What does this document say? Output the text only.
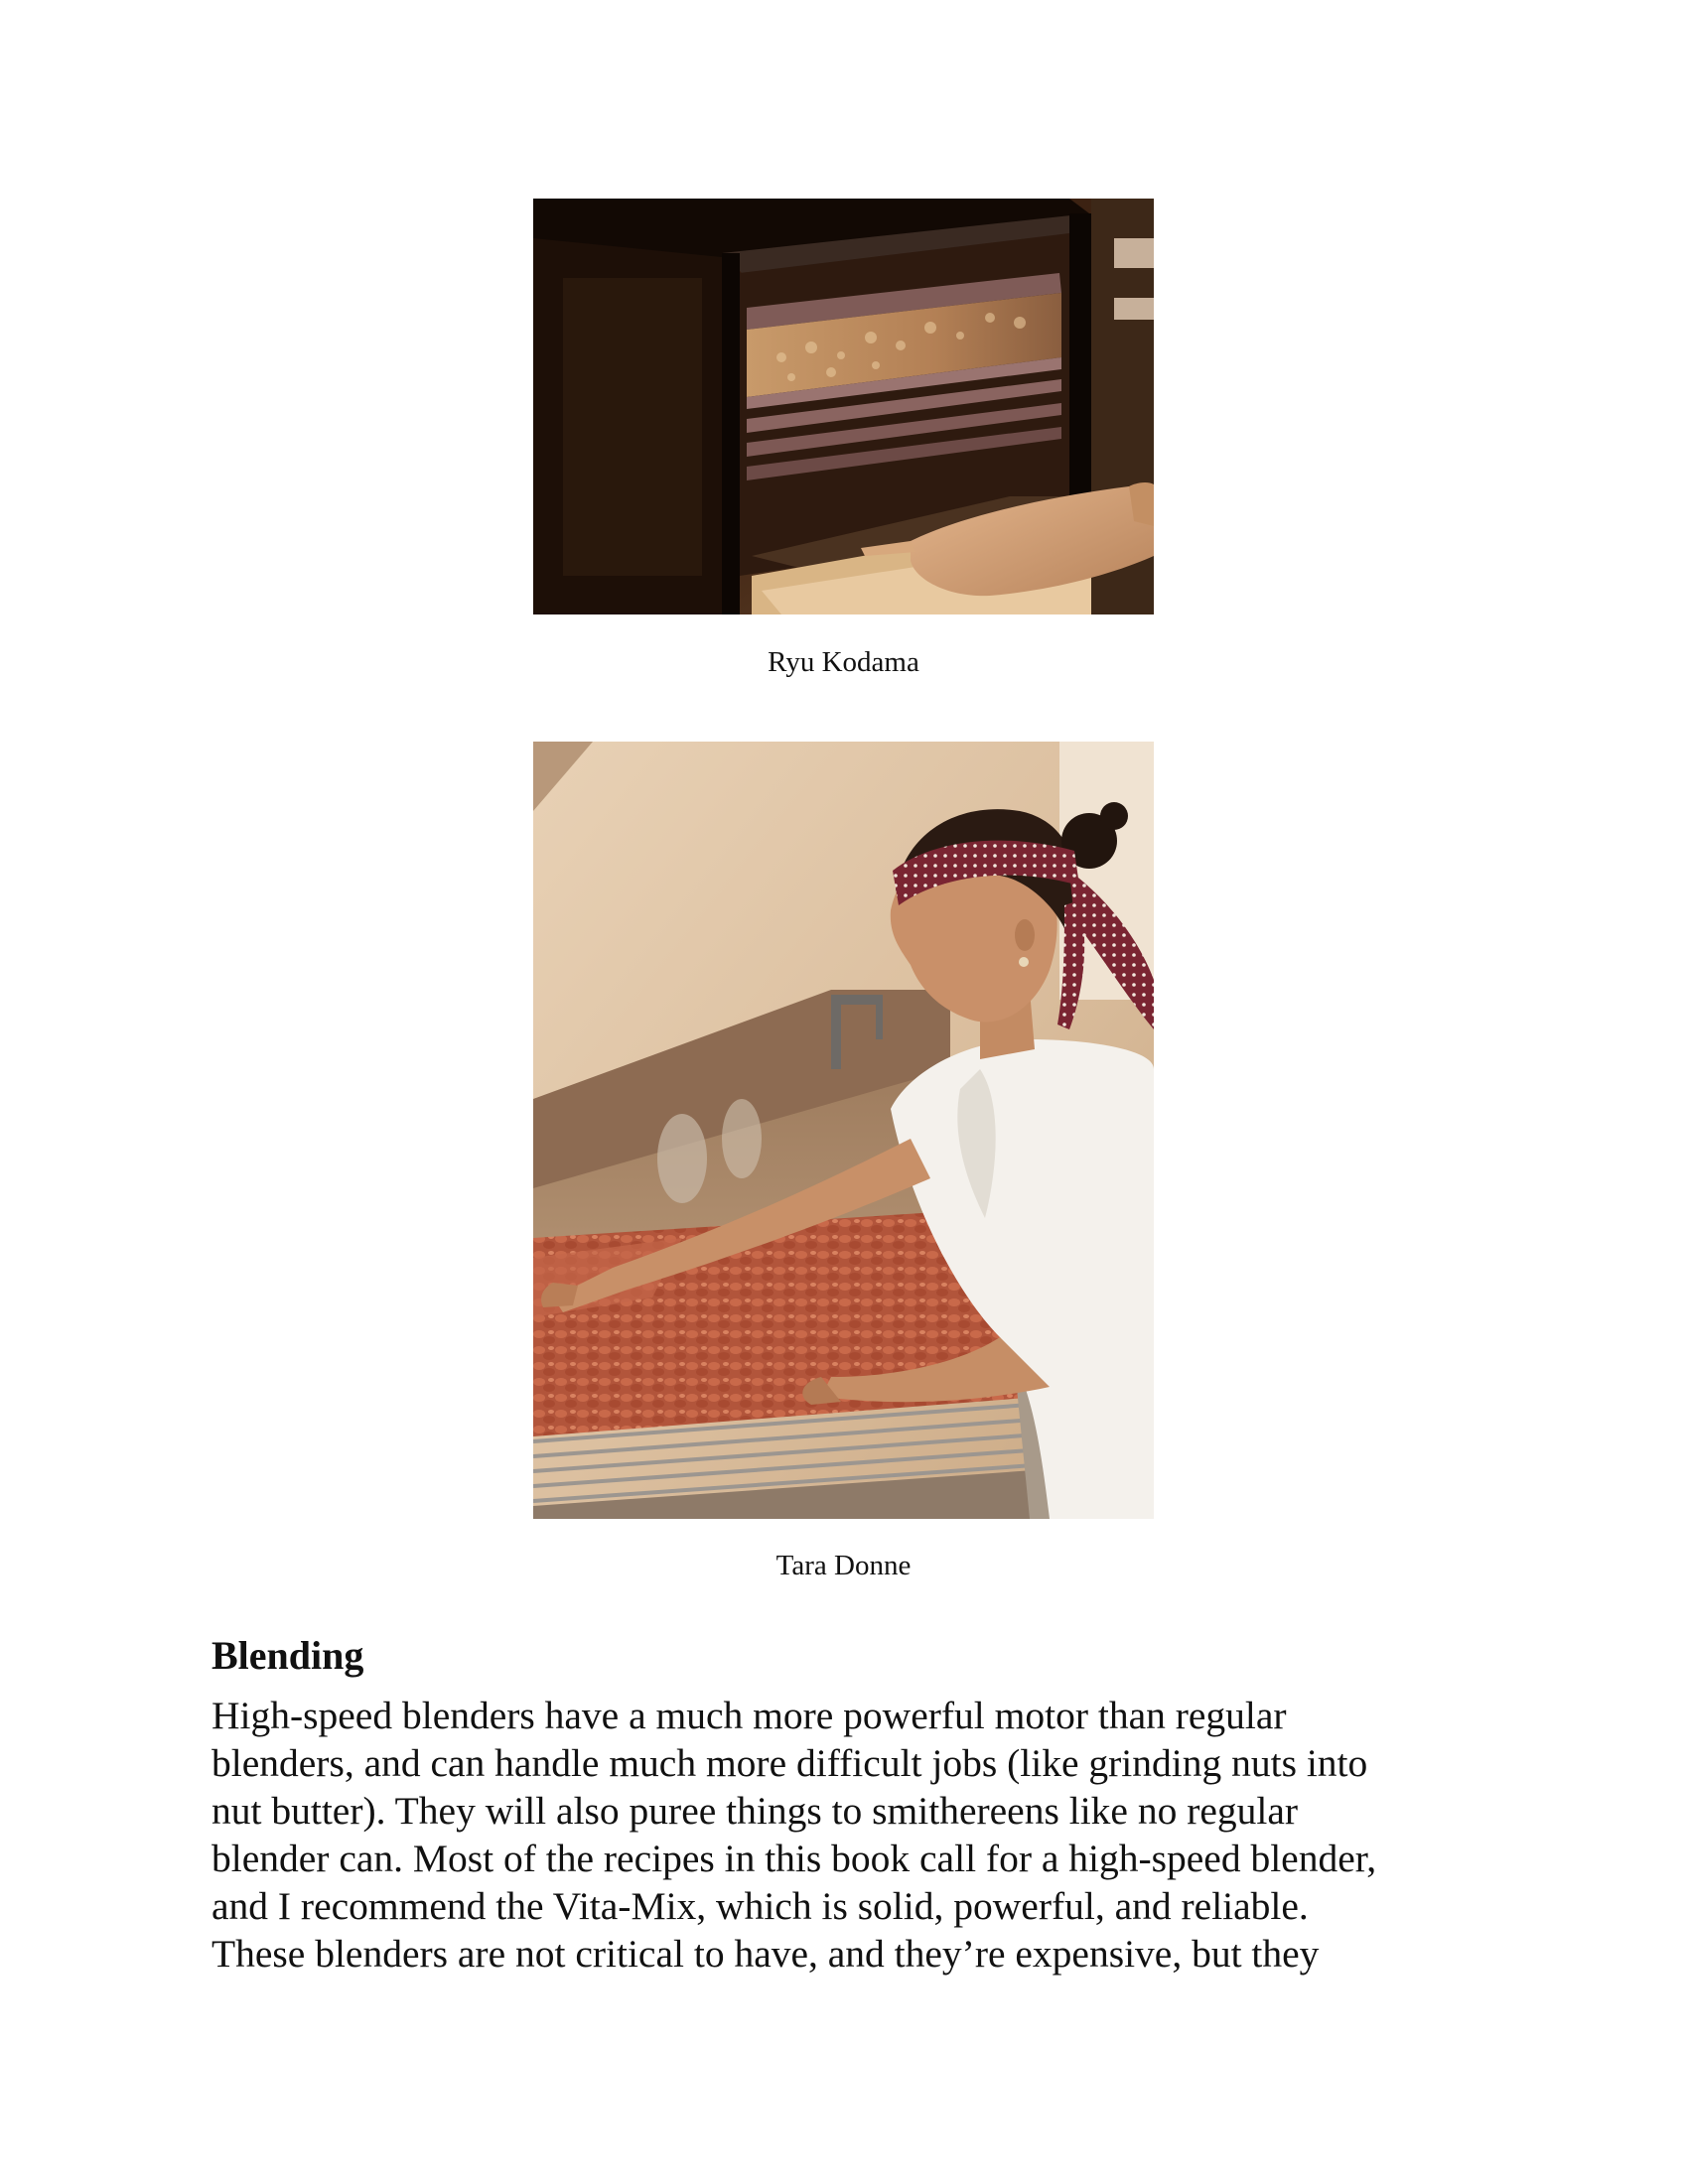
Ryu Kodama
Tara Donne
Blending

High-speed blenders have a much more powerful motor than regular
blenders, and can handle much more difficult jobs (like grinding nuts into
nut butter). They will also puree things to smithereens like no regular
blender can. Most of the recipes in this book call for a high-speed blender,
and I recommend the Vita-Mix, which is solid, powerful, and reliable.
These blenders are not critical to have, and they’re expensive, but they
